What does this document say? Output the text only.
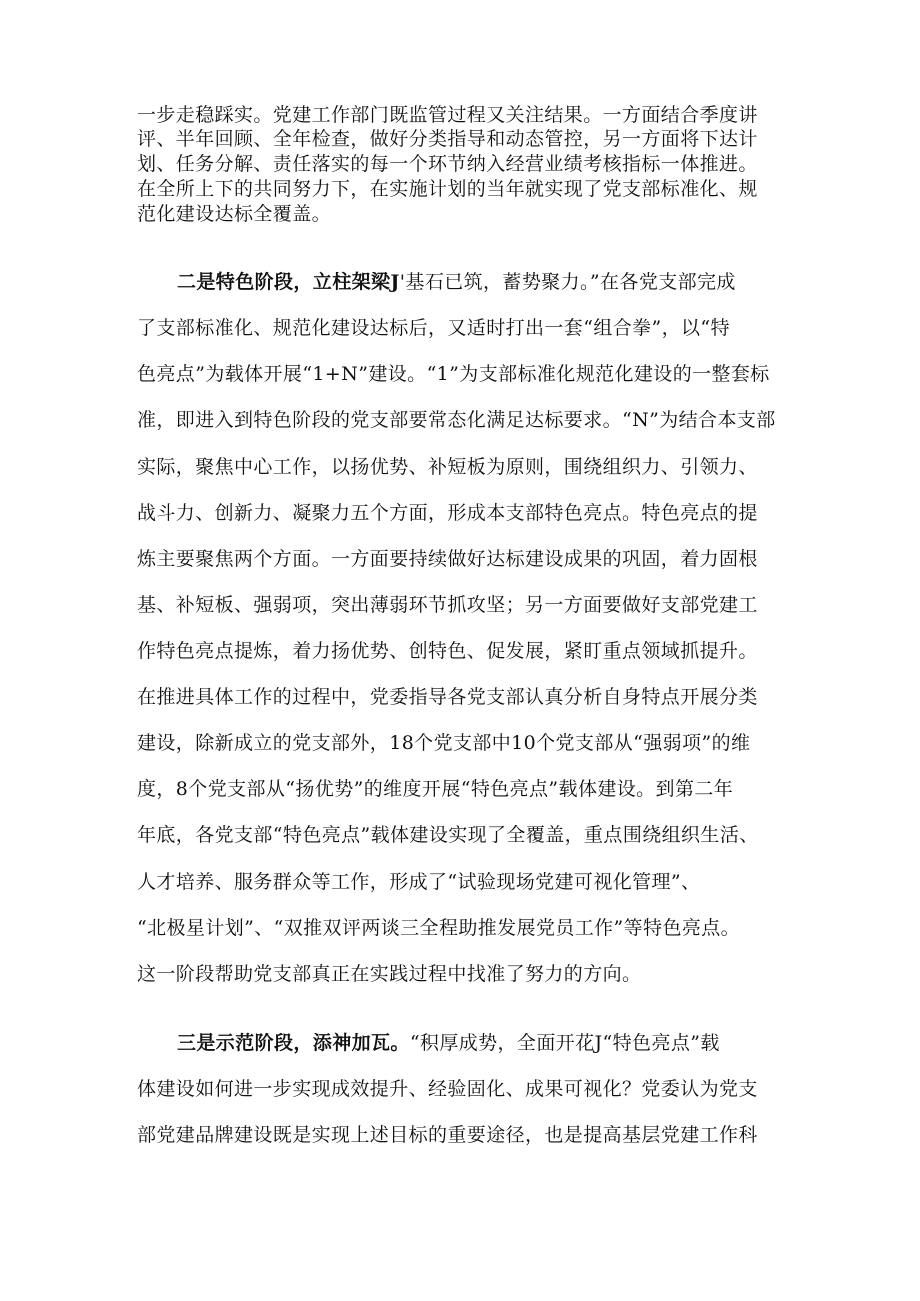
一步走稳踩实。党建工作部门既监管过程又关注结果。一方面结合季度讲
评、半年回顾、全年检查，做好分类指导和动态管控，另一方面将下达计
划、任务分解、责任落实的每一个环节纳入经营业绩考核指标一体推进。
在全所上下的共同努力下，在实施计划的当年就实现了党支部标准化、规
范化建设达标全覆盖。
二是特色阶段，立柱架梁J'基石已筑，蓄势聚力。”在各党支部完成
了支部标准化、规范化建设达标后，又适时打出一套“组合拳”，以“特
色亮点”为载体开展“1+N”建设。“1”为支部标准化规范化建设的一整套标
准，即进入到特色阶段的党支部要常态化满足达标要求。“N”为结合本支部
实际，聚焦中心工作，以扬优势、补短板为原则，围绕组织力、引领力、
战斗力、创新力、凝聚力五个方面，形成本支部特色亮点。特色亮点的提
炼主要聚焦两个方面。一方面要持续做好达标建设成果的巩固，着力固根
基、补短板、强弱项，突出薄弱环节抓攻坚；另一方面要做好支部党建工
作特色亮点提炼，着力扬优势、创特色、促发展，紧盯重点领域抓提升。
在推进具体工作的过程中，党委指导各党支部认真分析自身特点开展分类
建设，除新成立的党支部外，18个党支部中10个党支部从“强弱项”的维
度，8个党支部从“扬优势”的维度开展“特色亮点”载体建设。到第二年
年底，各党支部“特色亮点”载体建设实现了全覆盖，重点围绕组织生活、
人才培养、服务群众等工作，形成了“试验现场党建可视化管理”、
“北极星计划”、“双推双评两谈三全程助推发展党员工作”等特色亮点。
这一阶段帮助党支部真正在实践过程中找准了努力的方向。
三是示范阶段，添神加瓦。“积厚成势，全面开花J“特色亮点”载
体建设如何进一步实现成效提升、经验固化、成果可视化？党委认为党支
部党建品牌建设既是实现上述目标的重要途径，也是提高基层党建工作科
